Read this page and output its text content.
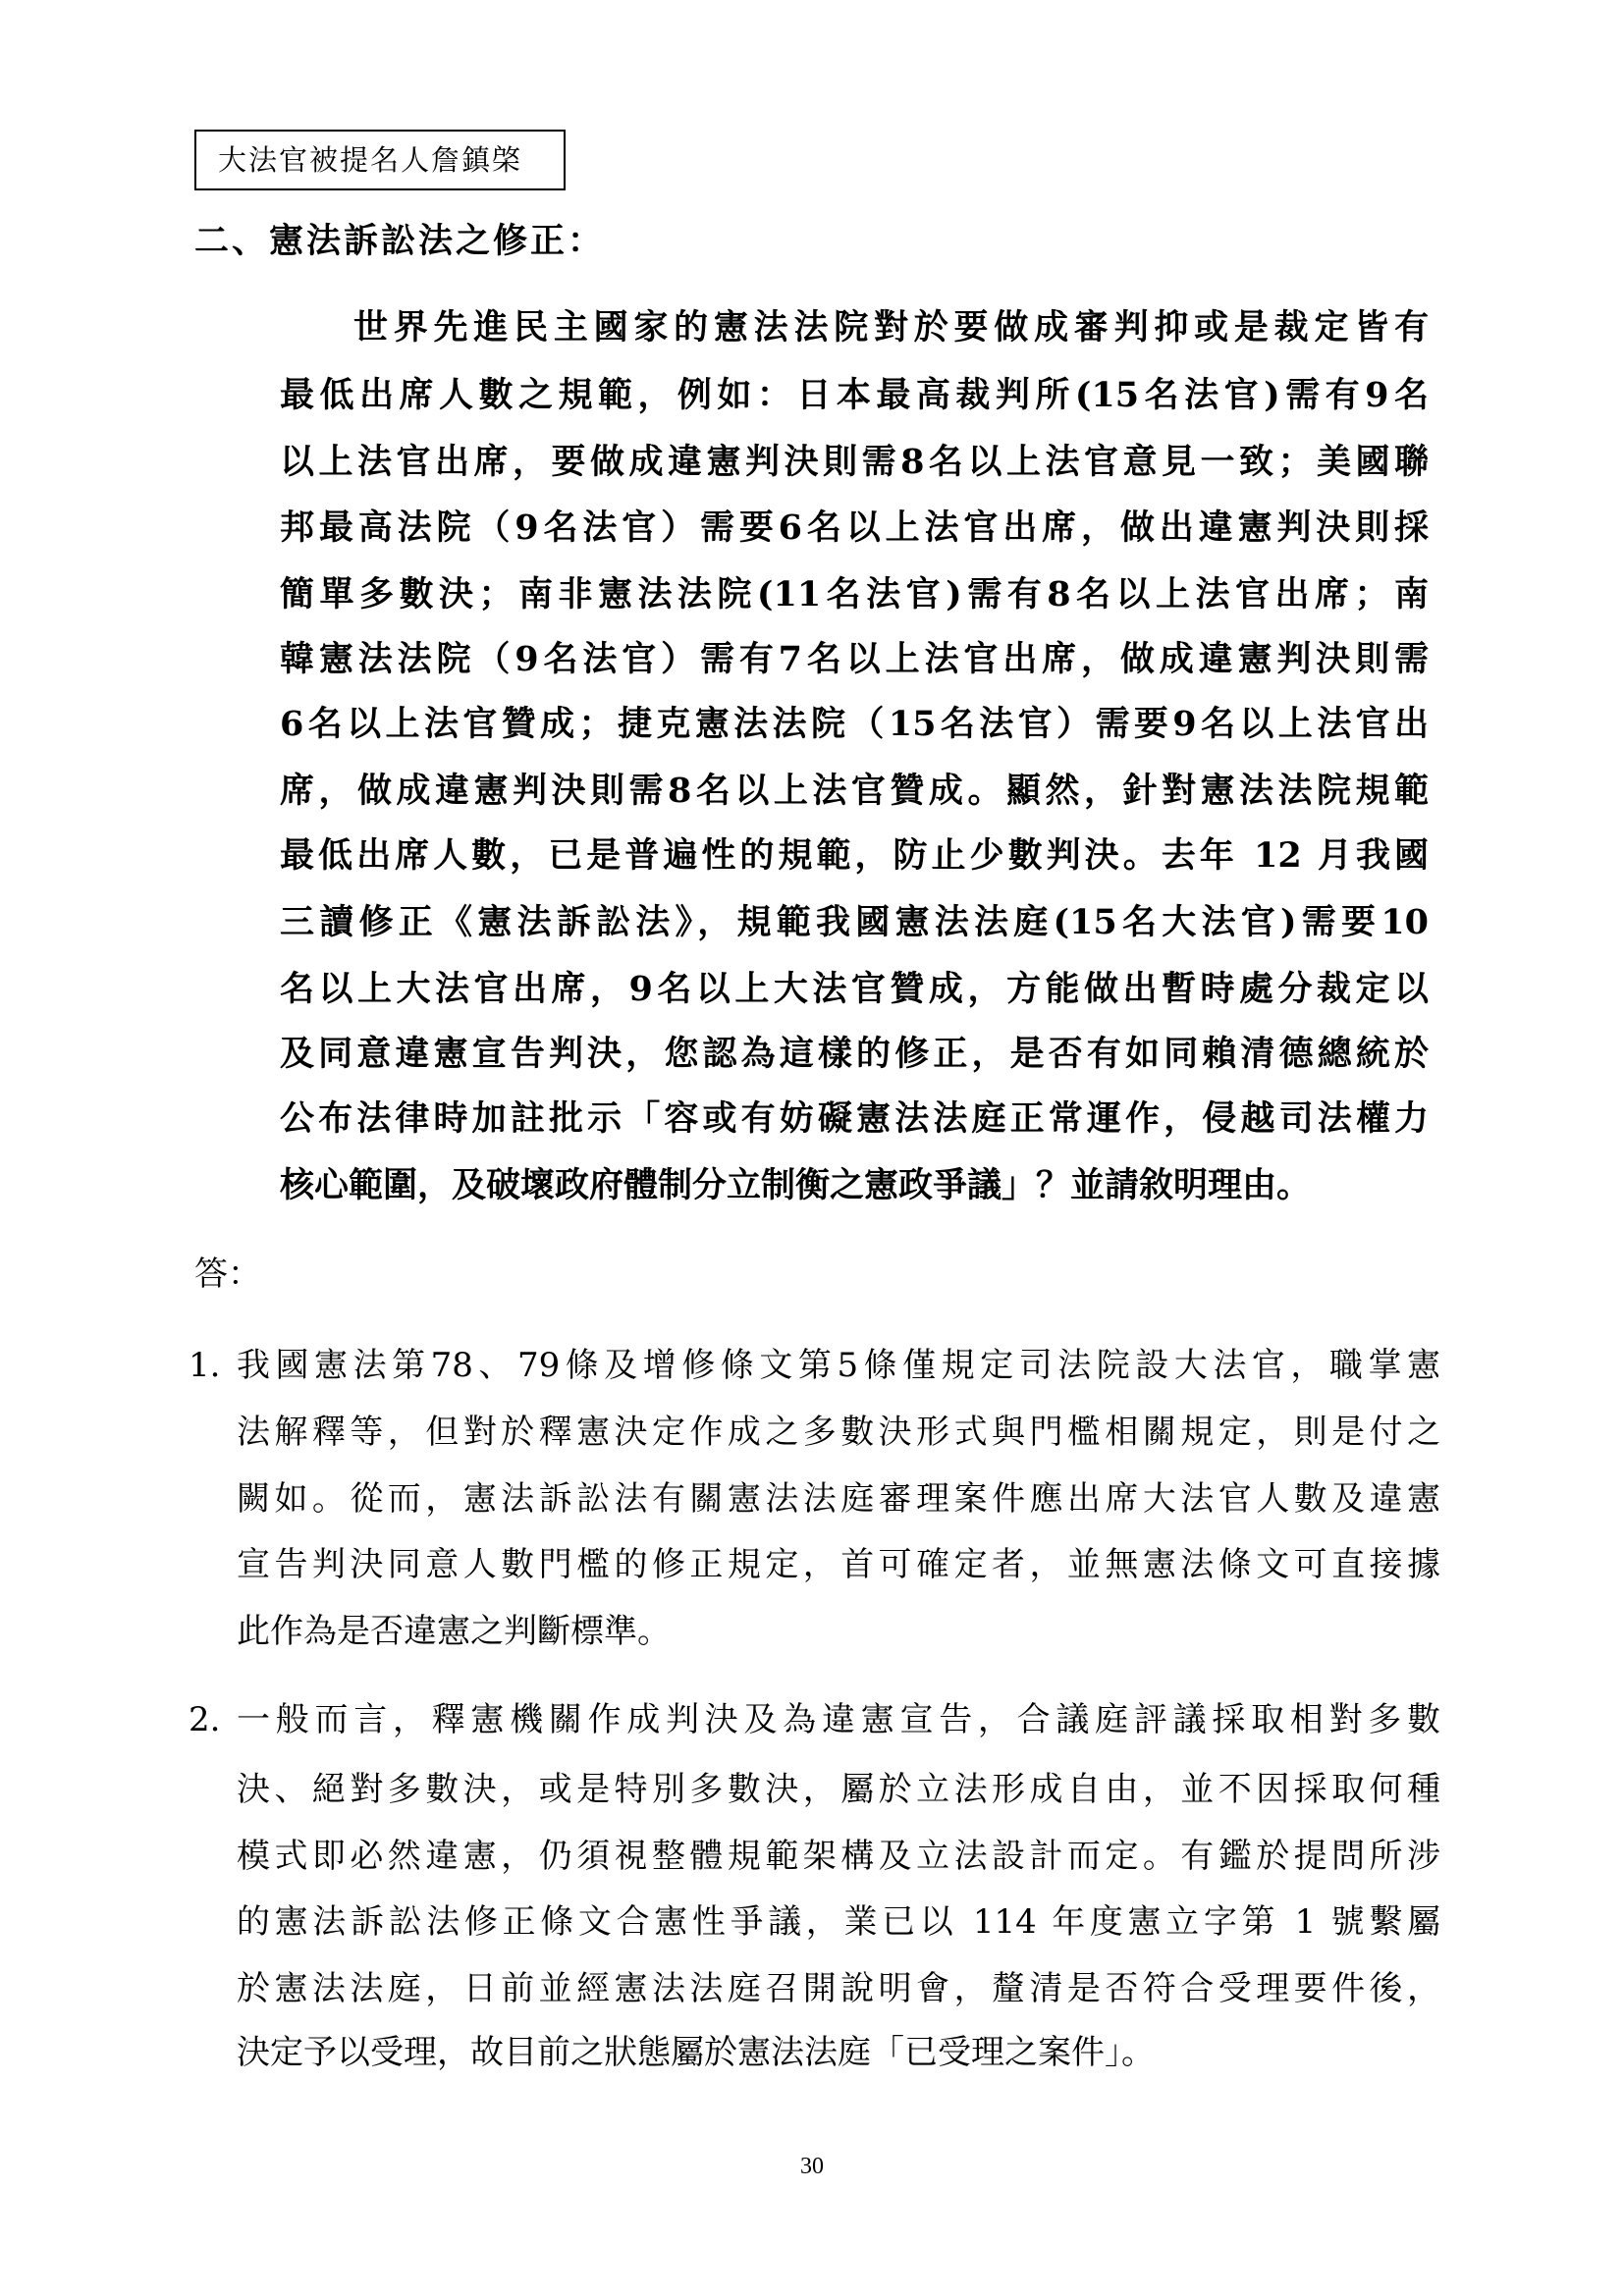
大法官被提名人詹鎮棨
二、憲法訴訟法之修正：
世界先進民主國家的憲法法院對於要做成審判抑或是裁定皆有
最低出席人數之規範，例如：日本最高裁判所(15名法官)需有9名
以上法官出席，要做成違憲判決則需8名以上法官意見一致；美國聯
邦最高法院（9名法官）需要6名以上法官出席，做出違憲判決則採
簡單多數決；南非憲法法院(11名法官)需有8名以上法官出席；南
韓憲法法院（9名法官）需有7名以上法官出席，做成違憲判決則需
6名以上法官贊成；捷克憲法法院（15名法官）需要9名以上法官出
席，做成違憲判決則需8名以上法官贊成。顯然，針對憲法法院規範
最低出席人數，已是普遍性的規範，防止少數判決。去年 12 月我國
三讀修正《憲法訴訟法》，規範我國憲法法庭(15名大法官)需要10
名以上大法官出席，9名以上大法官贊成，方能做出暫時處分裁定以
及同意違憲宣告判決，您認為這樣的修正，是否有如同賴清德總統於
公布法律時加註批示「容或有妨礙憲法法庭正常運作，侵越司法權力
核心範圍，及破壞政府體制分立制衡之憲政爭議」？並請敘明理由。
答：
1. 我國憲法第78、79條及增修條文第5條僅規定司法院設大法官，職掌憲
法解釋等，但對於釋憲決定作成之多數決形式與門檻相關規定，則是付之
闕如。從而，憲法訴訟法有關憲法法庭審理案件應出席大法官人數及違憲
宣告判決同意人數門檻的修正規定，首可確定者，並無憲法條文可直接據
此作為是否違憲之判斷標準。
2. 一般而言，釋憲機關作成判決及為違憲宣告，合議庭評議採取相對多數
決、絕對多數決，或是特別多數決，屬於立法形成自由，並不因採取何種
模式即必然違憲，仍須視整體規範架構及立法設計而定。有鑑於提問所涉
的憲法訴訟法修正條文合憲性爭議，業已以 114 年度憲立字第 1 號繫屬
於憲法法庭，日前並經憲法法庭召開說明會，釐清是否符合受理要件後，
決定予以受理，故目前之狀態屬於憲法法庭「已受理之案件」。
30
